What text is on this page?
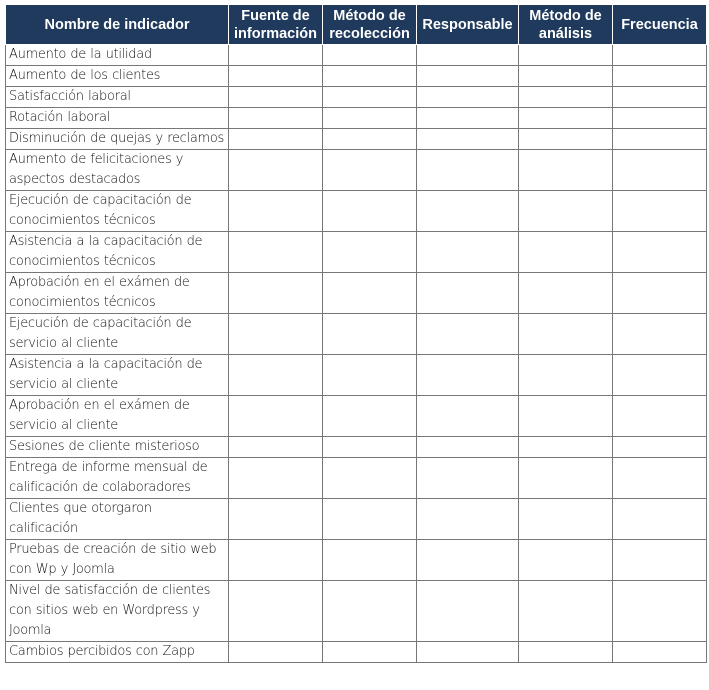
Nombre de indicador	Fuente de información	Método de recolección	Responsable	Método de análisis	Frecuencia
Aumento de la utilidad					
Aumento de los clientes					
Satisfacción laboral					
Rotación laboral					
Disminución de quejas y reclamos					
Aumento de felicitaciones y aspectos destacados					
Ejecución de capacitación de conocimientos técnicos					
Asistencia a la capacitación de conocimientos técnicos					
Aprobación en el exámen de conocimientos técnicos					
Ejecución de capacitación de servicio al cliente					
Asistencia a la capacitación de servicio al cliente					
Aprobación en el exámen de servicio al cliente					
Sesiones de cliente misterioso					
Entrega de informe mensual de calificación de colaboradores					
Clientes que otorgaron calificación					
Pruebas de creación de sitio web con Wp y Joomla					
Nivel de satisfacción de clientes con sitios web en Wordpress y Joomla					
Cambios percibidos con Zapp					
